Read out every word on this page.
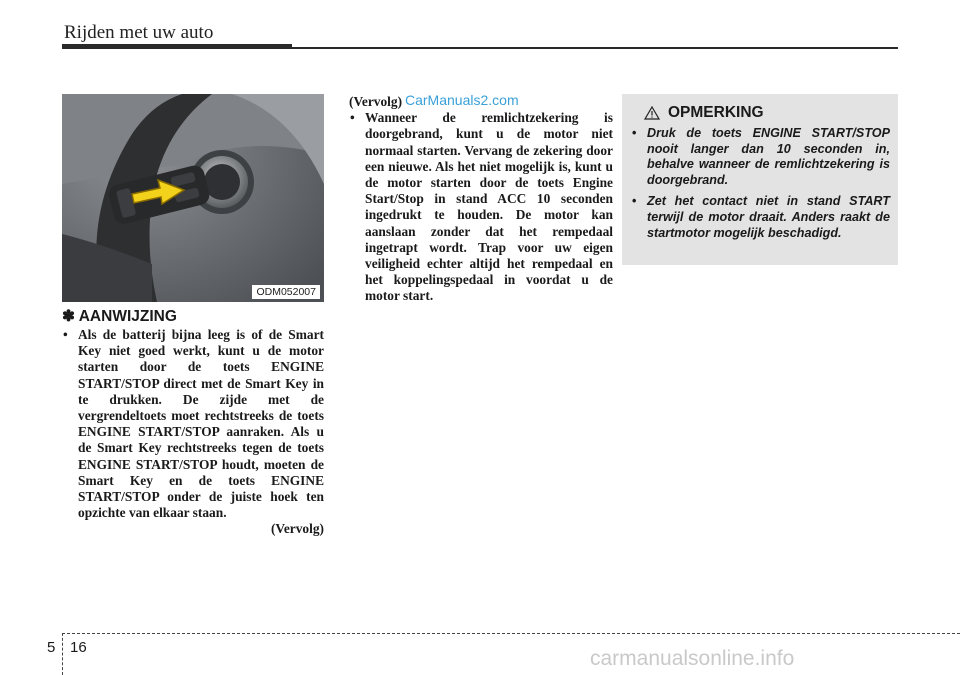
Rijden met uw auto
ODM052007
✽ AANWIJZING
• Als de batterij bijna leeg is of de Smart Key niet goed werkt, kunt u de motor starten door de toets ENGINE START/STOP direct met de Smart Key in te drukken. De zijde met de vergrendeltoets moet rechtstreeks de toets ENGINE START/STOP aanraken. Als u de Smart Key rechtstreeks tegen de toets ENGINE START/STOP houdt, moeten de Smart Key en de toets ENGINE START/STOP onder de juiste hoek ten opzichte van elkaar staan.
(Vervolg)
(Vervolg)
• Wanneer de remlichtzekering is doorgebrand, kunt u de motor niet normaal starten. Vervang de zekering door een nieuwe. Als het niet mogelijk is, kunt u de motor starten door de toets Engine Start/Stop in stand ACC 10 seconden ingedrukt te houden. De motor kan aanslaan zonder dat het rempedaal ingetrapt wordt. Trap voor uw eigen veiligheid echter altijd het rempedaal en het koppelingspedaal in voordat u de motor start.
CarManuals2.com
OPMERKING
• Druk de toets ENGINE START/STOP nooit langer dan 10 seconden in, behalve wanneer de remlichtzekering is doorgebrand.
• Zet het contact niet in stand START terwijl de motor draait. Anders raakt de startmotor mogelijk beschadigd.
5 16	carmanualsonline.info
